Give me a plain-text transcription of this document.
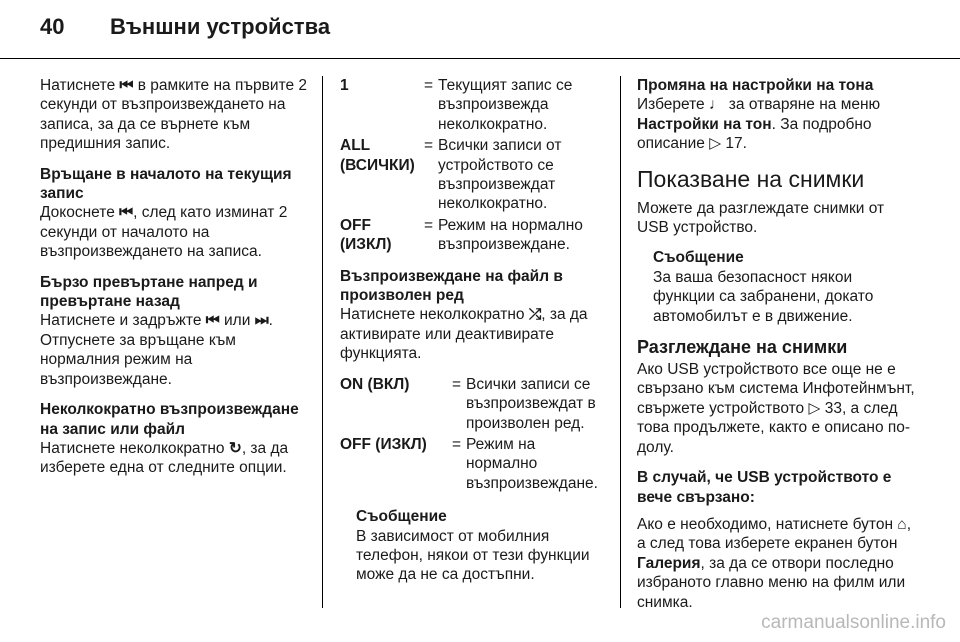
40 Външни устройства

Натиснете ⏮ в рамките на първите 2 секунди от възпроизвеждането на записа, за да се върнете към предишния запис.

Връщане в началото на текущия запис

Докоснете ⏮, след като изминат 2 секунди от началото на възпроизвеждането на записа.

Бързо превъртане напред и превъртане назад

Натиснете и задръжте ⏮ или ⏭. Отпуснете за връщане към нормалния режим на възпроизвеждане.

Неколкократно възпроизвеждане на запис или файл

Натиснете неколкократно ↻, за да изберете една от следните опции.

1	= Текущият запис се възпроизвежда неколкократно.
ALL (ВСИЧКИ)
= Всички записи от устройството се възпроизвеждат неколкократно.
OFF (ИЗКЛ)
= Режим на нормално възпроизвеждане.

Възпроизвеждане на файл в произволен ред

Натиснете неколкократно ⤮, за да активирате или деактивирате функцията.

ON (ВКЛ)	= Всички записи се възпроизвеждат в произволен ред.
OFF (ИЗКЛ)	= Режим на нормално възпроизвеждане.
Съобщение
В зависимост от мобилния телефон, някои от тези функции може да не са достъпни.

Промяна на настройки на тона

Изберете ♩ за отваряне на меню Настройки на тон. За подробно описание ▷ 17.

Показване на снимки

Можете да разглеждате снимки от USB устройство.

Съобщение
За ваша безопасност някои функции са забранени, докато автомобилът е в движение.
Разглеждане на снимки

Ако USB устройството все още не е свързано към система Инфотейнмънт, свържете устройството ▷ 33, а след това продължете, както е описано по-долу.

В случай, че USB устройството е вече свързано:

Ако е необходимо, натиснете бутон ⌂, а след това изберете екранен бутон Галерия, за да се отвори последно избраното главно меню на филм или снимка.

carmanualsonline.info
